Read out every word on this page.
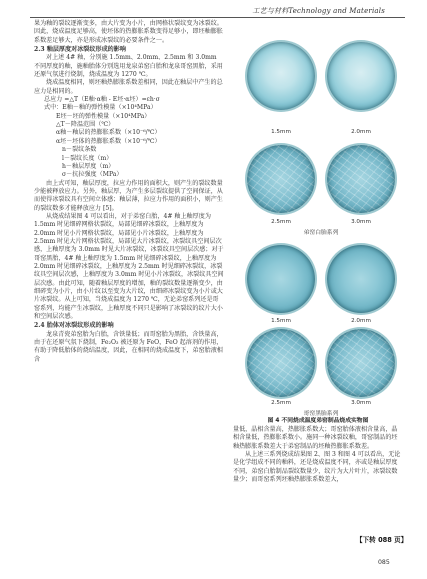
工艺与材料Technology and Materials

果为釉的裂纹逐渐变多，由大片变为小片，由网格状裂纹变为冰裂纹。因此，烧成温度足够高，使坯体的热膨胀系数变得足够小，即坯釉膨胀系数差足够大，亦是形成冰裂纹的必要条件之一。

2.3 釉层厚度对冰裂纹形成的影响

对上述 4# 釉，分别施 1.5mm、2.0mm、2.5mm 和 3.0mm 不同厚度的釉，施釉胎体分别选用龙泉弟窑白胎和龙泉哥窑黑胎，采用还原气氛进行烧制，烧成温度为 1270 ℃。

烧成温度相同，则坯釉热膨胀系数差相同，因此在釉层中产生的总应力是相同的。

总应力 =△T（E釉·α釉 - E坯·α坯）=εh·σ

式中：E釉－釉的弹性模量（×10⁴MPa）

E坯－坯的弹性模量（×10⁴MPa）

△T－降温范围（℃）

α釉－釉层的热膨胀系数（×10⁻⁶/℃）

α坯－坯体的热膨胀系数（×10⁻⁶/℃）

n－裂纹条数

l－裂纹长度（m）

h－釉层厚度（m）

σ－抗拉强度（MPa）

由上式可知，釉层厚度，拉应力作用的面积大，则产生的裂纹数量少能被释放应力。另外，釉层厚，为产生多层裂纹提供了空间保证，从而使得冰裂纹具有空间立体感；釉层薄，拉应力作用的面积小，则产生的裂纹数多才能释放应力 [5]。

从烧成结果图 4 可以看出，对于弟窑白胎，4# 釉上釉厚度为 1.5mm 时见细碎网格状裂纹，局部见细碎冰裂纹，上釉厚度为 2.0mm 时见小片网格状裂纹，局部见小片冰裂纹，上釉厚度为 2.5mm 时见大片网格状裂纹，局部见大片冰裂纹，冰裂纹具空间层次感，上釉厚度为 3.0mm 时见大片冰裂纹，冰裂纹具空间层次感；对于哥窑黑胎，4# 釉上釉厚度为 1.5mm 时见细碎冰裂纹，上釉厚度为 2.0mm 时见细碎冰裂纹，上釉厚度为 2.5mm 时见细碎冰裂纹，冰裂纹具空间层次感，上釉厚度为 3.0mm 时见小片冰裂纹，冰裂纹具空间层次感。由此可知，随着釉层厚度的增加，釉的裂纹数量逐渐变少，由细碎变为小片，由小片纹以至变为大片纹，由细碎冰裂纹变为小片或大片冰裂纹。从上可知，当烧成温度为 1270 ℃，无论弟窑系列还是哥窑系列，均能产生冰裂纹，上釉厚度不同只是影响了冰裂纹的纹片大小和空间层次感。

2.4 胎体对冰裂纹形成的影响

龙泉青瓷弟窑胎为白胎，含铁量低；而哥窑胎为黑胎，含铁量高，由于在还原气氛下烧制，Fe₂O₃ 被还原为 FeO，FeO 起溶剂的作用，有助于降低胎体的烧结温度，因此，在相同的烧成温度下，弟窑胎液相含

1.5mm	2.0mm
2.5mm	3.0mm
弟窑白胎系列
1.5mm	2.0mm
2.5mm	3.0mm
哥窑黑胎系列
图 4 不同烧成温度弟窑制品烧成实物图

量低，晶相含量高，热膨胀系数大；哥窑胎体液相含量高，晶相含量低，热膨胀系数小。施同一种冰裂纹釉，哥窑制品的坯釉热膨胀系数差大于弟窑制品的坯釉热膨胀系数差。

从上述三系列烧成结果图 2、图 3 和图 4 可以看出，无论是化学组成不同的釉料，还是烧成温度不同，亦或是釉层厚度不同，弟窑白胎制品裂纹数量少，纹片为大片叶片，冰裂纹数量少；而哥窑系列坯釉热膨胀系数差大，

【下转 088 页】
085
